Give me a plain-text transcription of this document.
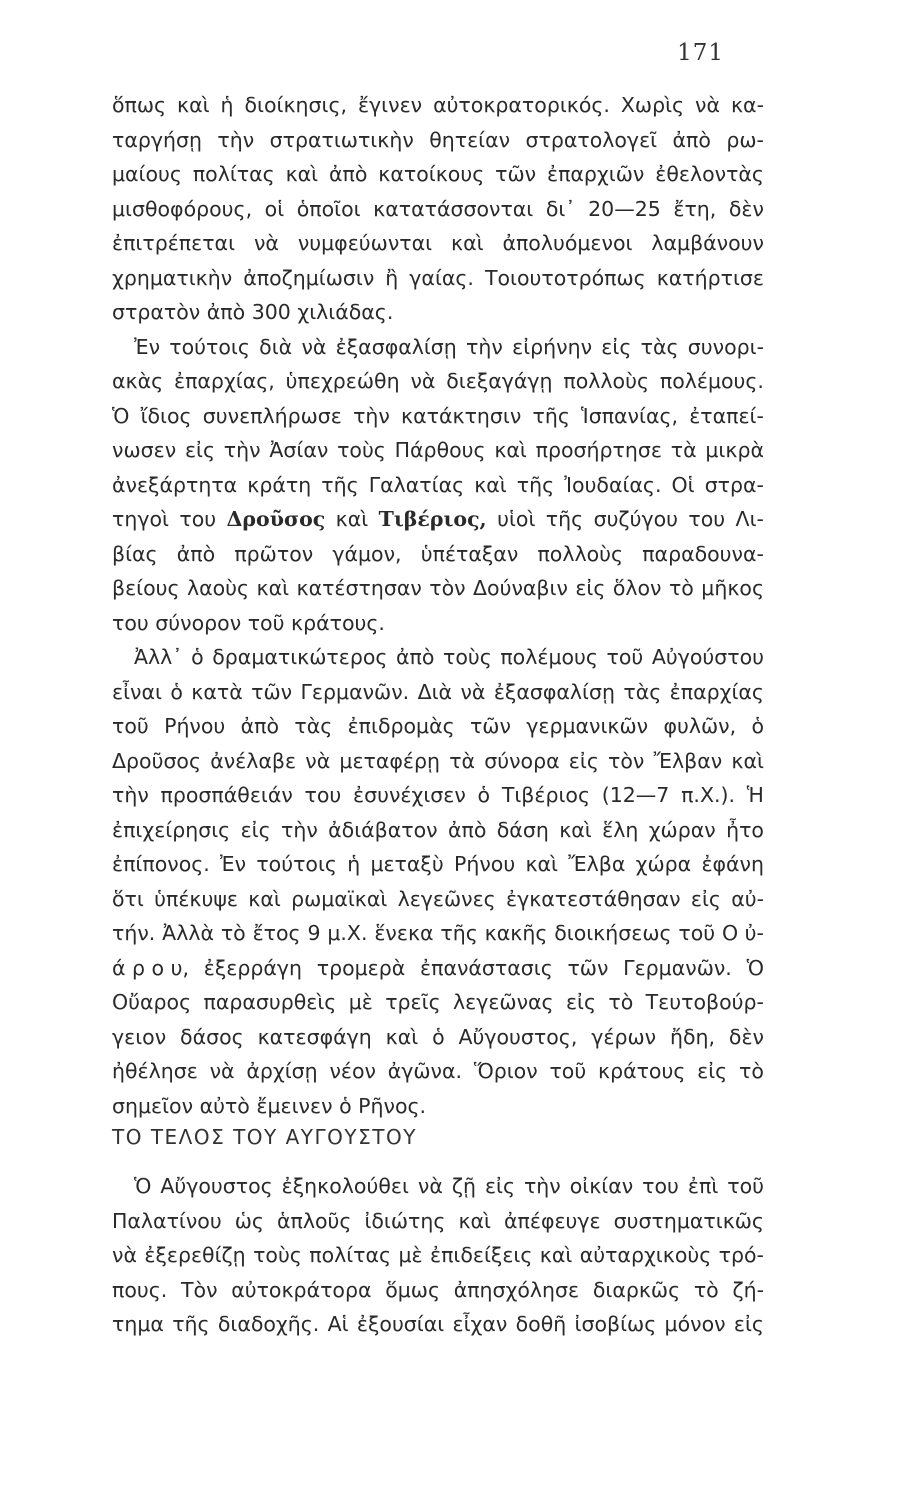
171
ὅπως καὶ ἡ διοίκησις, ἔγινεν αὐτοκρατορικός. Χωρὶς νὰ κα-
ταργήσῃ τὴν στρατιωτικὴν θητείαν στρατολογεῖ ἀπὸ ρω-
μαίους πολίτας καὶ ἀπὸ κατοίκους τῶν ἐπαρχιῶν ἐθελοντὰς
μισθοφόρους, οἱ ὁποῖοι κατατάσσονται δι᾽ 20—25 ἔτη, δὲν
ἐπιτρέπεται νὰ νυμφεύωνται καὶ ἀπολυόμενοι λαμβάνουν
χρηματικὴν ἀποζημίωσιν ἢ γαίας. Τοιουτοτρόπως κατήρτισε
στρατὸν ἀπὸ 300 χιλιάδας.
Ἐν τούτοις διὰ νὰ ἐξασφαλίσῃ τὴν εἰρήνην εἰς τὰς συνορι-
ακὰς ἐπαρχίας, ὑπεχρεώθη νὰ διεξαγάγῃ πολλοὺς πολέμους.
Ὁ ἴδιος συνεπλήρωσε τὴν κατάκτησιν τῆς Ἱσπανίας, ἐταπεί-
νωσεν εἰς τὴν Ἀσίαν τοὺς Πάρθους καὶ προσήρτησε τὰ μικρὰ
ἀνεξάρτητα κράτη τῆς Γαλατίας καὶ τῆς Ἰουδαίας. Οἱ στρα-
τηγοὶ του Δροῦσος καὶ Τιβέριος, υἱοὶ τῆς συζύγου του Λι-
βίας ἀπὸ πρῶτον γάμον, ὑπέταξαν πολλοὺς παραδουνα-
βείους λαοὺς καὶ κατέστησαν τὸν Δούναβιν εἰς ὅλον τὸ μῆκος
του σύνορον τοῦ κράτους.
Ἀλλ᾽ ὁ δραματικώτερος ἀπὸ τοὺς πολέμους τοῦ Αὐγούστου
εἶναι ὁ κατὰ τῶν Γερμανῶν. Διὰ νὰ ἐξασφαλίσῃ τὰς ἐπαρχίας
τοῦ Ρήνου ἀπὸ τὰς ἐπιδρομὰς τῶν γερμανικῶν φυλῶν, ὁ
Δροῦσος ἀνέλαβε νὰ μεταφέρῃ τὰ σύνορα εἰς τὸν Ἔλβαν καὶ
τὴν προσπάθειάν του ἐσυνέχισεν ὁ Τιβέριος (12—7 π.Χ.). Ἡ
ἐπιχείρησις εἰς τὴν ἀδιάβατον ἀπὸ δάση καὶ ἕλη χώραν ἦτο
ἐπίπονος. Ἐν τούτοις ἡ μεταξὺ Ρήνου καὶ Ἔλβα χώρα ἐφάνη
ὅτι ὑπέκυψε καὶ ρωμαϊκαὶ λεγεῶνες ἐγκατεστάθησαν εἰς αὐ-
τήν. Ἀλλὰ τὸ ἔτος 9 μ.Χ. ἕνεκα τῆς κακῆς διοικήσεως τοῦ Ο ὐ-
ά ρ ο υ, ἐξερράγη τρομερὰ ἐπανάστασις τῶν Γερμανῶν. Ὁ
Οὔαρος παρασυρθεὶς μὲ τρεῖς λεγεῶνας εἰς τὸ Τευτοβούρ-
γειον δάσος κατεσφάγη καὶ ὁ Αὔγουστος, γέρων ἤδη, δὲν
ἠθέλησε νὰ ἀρχίσῃ νέον ἀγῶνα. Ὅριον τοῦ κράτους εἰς τὸ
σημεῖον αὐτὸ ἔμεινεν ὁ Ρῆνος.
ΤΟ ΤΕΛΟΣ ΤΟΥ ΑΥΓΟΥΣΤΟΥ
Ὁ Αὔγουστος ἐξηκολούθει νὰ ζῇ εἰς τὴν οἰκίαν του ἐπὶ τοῦ
Παλατίνου ὡς ἁπλοῦς ἰδιώτης καὶ ἀπέφευγε συστηματικῶς
νὰ ἐξερεθίζῃ τοὺς πολίτας μὲ ἐπιδείξεις καὶ αὐταρχικοὺς τρό-
πους. Τὸν αὐτοκράτορα ὅμως ἀπησχόλησε διαρκῶς τὸ ζή-
τημα τῆς διαδοχῆς. Αἱ ἐξουσίαι εἶχαν δοθῆ ἰσοβίως μόνον εἰς
